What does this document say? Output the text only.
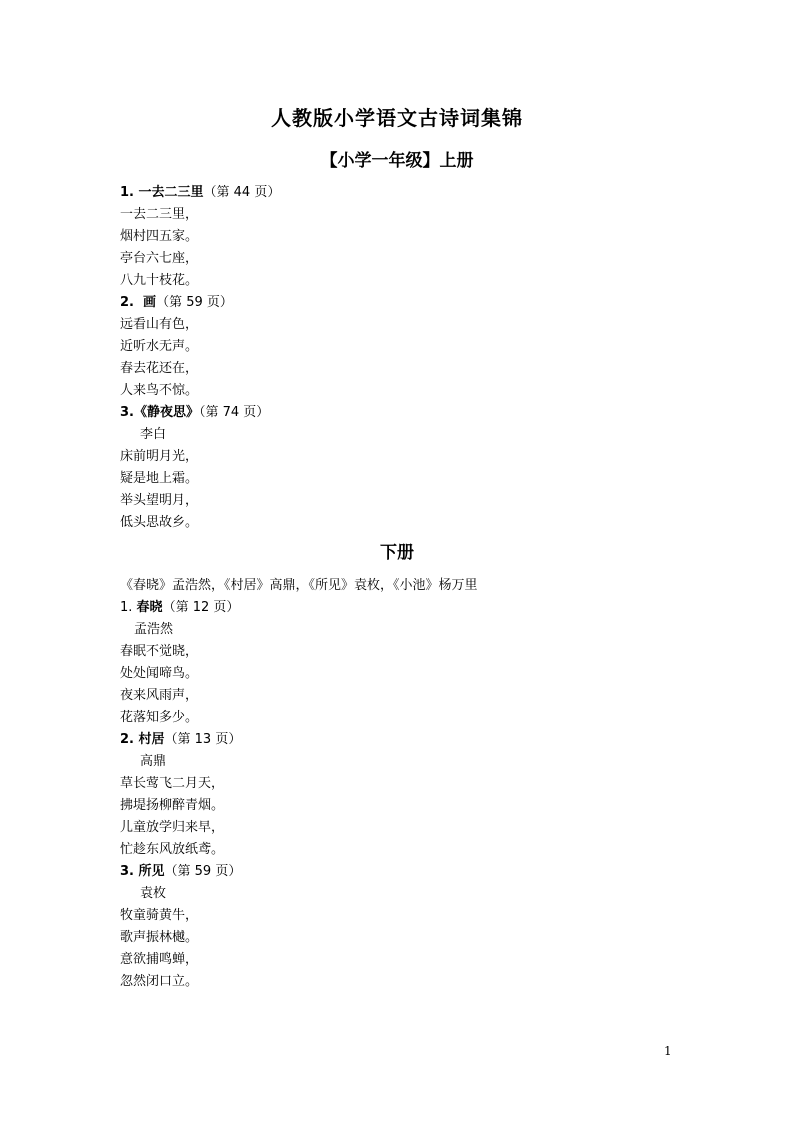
人教版小学语文古诗词集锦
【小学一年级】上册
1. 一去二三里（第 44 页）
一去二三里，
烟村四五家。
亭台六七座，
八九十枝花。
2.  画（第 59 页）
远看山有色，
近听水无声。
春去花还在，
人来鸟不惊。
3.《静夜思》（第 74 页）
李白
床前明月光，
疑是地上霜。
举头望明月，
低头思故乡。
下册
《春晓》孟浩然，《村居》高鼎，《所见》袁枚，《小池》杨万里
1. 春晓（第 12 页）
孟浩然
春眠不觉晓，
处处闻啼鸟。
夜来风雨声，
花落知多少。
2. 村居（第 13 页）
高鼎
草长莺飞二月天，
拂堤扬柳醉青烟。
儿童放学归来早，
忙趁东风放纸鸢。
3. 所见（第 59 页）
袁枚
牧童骑黄牛，
歌声振林樾。
意欲捕鸣蝉，
忽然闭口立。
1
